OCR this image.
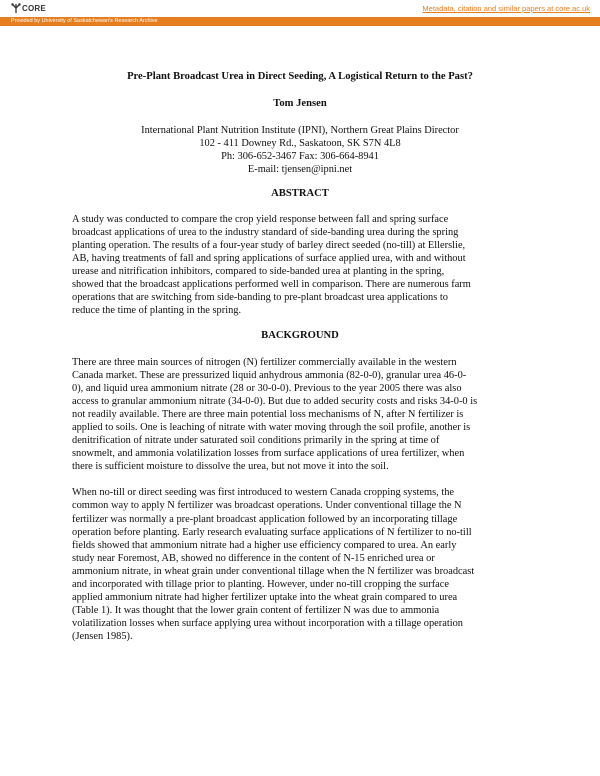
CORE	Metadata, citation and similar papers at core.ac.uk
Provided by University of Saskatchewan's Research Archive

Pre-Plant Broadcast Urea in Direct Seeding, A Logistical Return to the Past?

Tom Jensen

International Plant Nutrition Institute (IPNI), Northern Great Plains Director
102 - 411 Downey Rd., Saskatoon, SK S7N 4L8
Ph: 306-652-3467 Fax: 306-664-8941
E-mail: tjensen@ipni.net

ABSTRACT

A study was conducted to compare the crop yield response between fall and spring surface
broadcast applications of urea to the industry standard of side-banding urea during the spring
planting operation. The results of a four-year study of barley direct seeded (no-till) at Ellerslie,
AB, having treatments of fall and spring applications of surface applied urea, with and without
urease and nitrification inhibitors, compared to side-banded urea at planting in the spring,
showed that the broadcast applications performed well in comparison. There are numerous farm
operations that are switching from side-banding to pre-plant broadcast urea applications to
reduce the time of planting in the spring.

BACKGROUND

There are three main sources of nitrogen (N) fertilizer commercially available in the western
Canada market. These are pressurized liquid anhydrous ammonia (82-0-0), granular urea 46-0-
0), and liquid urea ammonium nitrate (28 or 30-0-0). Previous to the year 2005 there was also
access to granular ammonium nitrate (34-0-0). But due to added security costs and risks 34-0-0 is
not readily available. There are three main potential loss mechanisms of N, after N fertilizer is
applied to soils. One is leaching of nitrate with water moving through the soil profile, another is
denitrification of nitrate under saturated soil conditions primarily in the spring at time of
snowmelt, and ammonia volatilization losses from surface applications of urea fertilizer, when
there is sufficient moisture to dissolve the urea, but not move it into the soil.
When no-till or direct seeding was first introduced to western Canada cropping systems, the
common way to apply N fertilizer was broadcast operations. Under conventional tillage the N
fertilizer was normally a pre-plant broadcast application followed by an incorporating tillage
operation before planting. Early research evaluating surface applications of N fertilizer to no-till
fields showed that ammonium nitrate had a higher use efficiency compared to urea. An early
study near Foremost, AB, showed no difference in the content of N-15 enriched urea or
ammonium nitrate, in wheat grain under conventional tillage when the N fertilizer was broadcast
and incorporated with tillage prior to planting. However, under no-till cropping the surface
applied ammonium nitrate had higher fertilizer uptake into the wheat grain compared to urea
(Table 1). It was thought that the lower grain content of fertilizer N was due to ammonia
volatilization losses when surface applying urea without incorporation with a tillage operation
(Jensen 1985).
